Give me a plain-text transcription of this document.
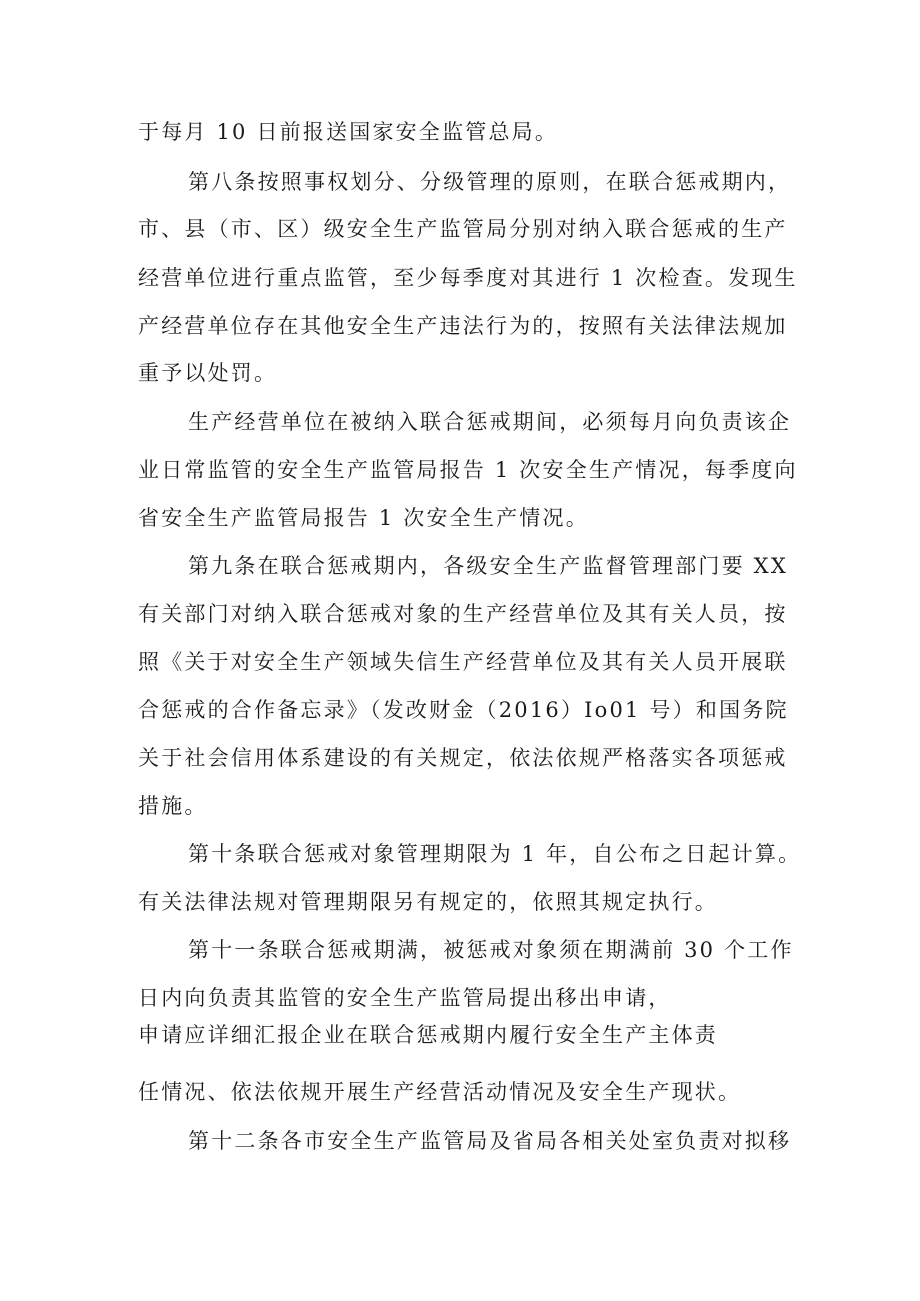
于每月 10 日前报送国家安全监管总局。
第八条按照事权划分、分级管理的原则，在联合惩戒期内，
市、县（市、区）级安全生产监管局分别对纳入联合惩戒的生产
经营单位进行重点监管，至少每季度对其进行 1 次检查。发现生
产经营单位存在其他安全生产违法行为的，按照有关法律法规加
重予以处罚。
生产经营单位在被纳入联合惩戒期间，必须每月向负责该企
业日常监管的安全生产监管局报告 1 次安全生产情况，每季度向
省安全生产监管局报告 1 次安全生产情况。
第九条在联合惩戒期内，各级安全生产监督管理部门要 XX
有关部门对纳入联合惩戒对象的生产经营单位及其有关人员，按
照《关于对安全生产领域失信生产经营单位及其有关人员开展联
合惩戒的合作备忘录》（发改财金（2016）Io01 号）和国务院
关于社会信用体系建设的有关规定，依法依规严格落实各项惩戒
措施。
第十条联合惩戒对象管理期限为 1 年，自公布之日起计算。
有关法律法规对管理期限另有规定的，依照其规定执行。
第十一条联合惩戒期满，被惩戒对象须在期满前 30 个工作
日内向负责其监管的安全生产监管局提出移出申请，
申请应详细汇报企业在联合惩戒期内履行安全生产主体责
任情况、依法依规开展生产经营活动情况及安全生产现状。
第十二条各市安全生产监管局及省局各相关处室负责对拟移
